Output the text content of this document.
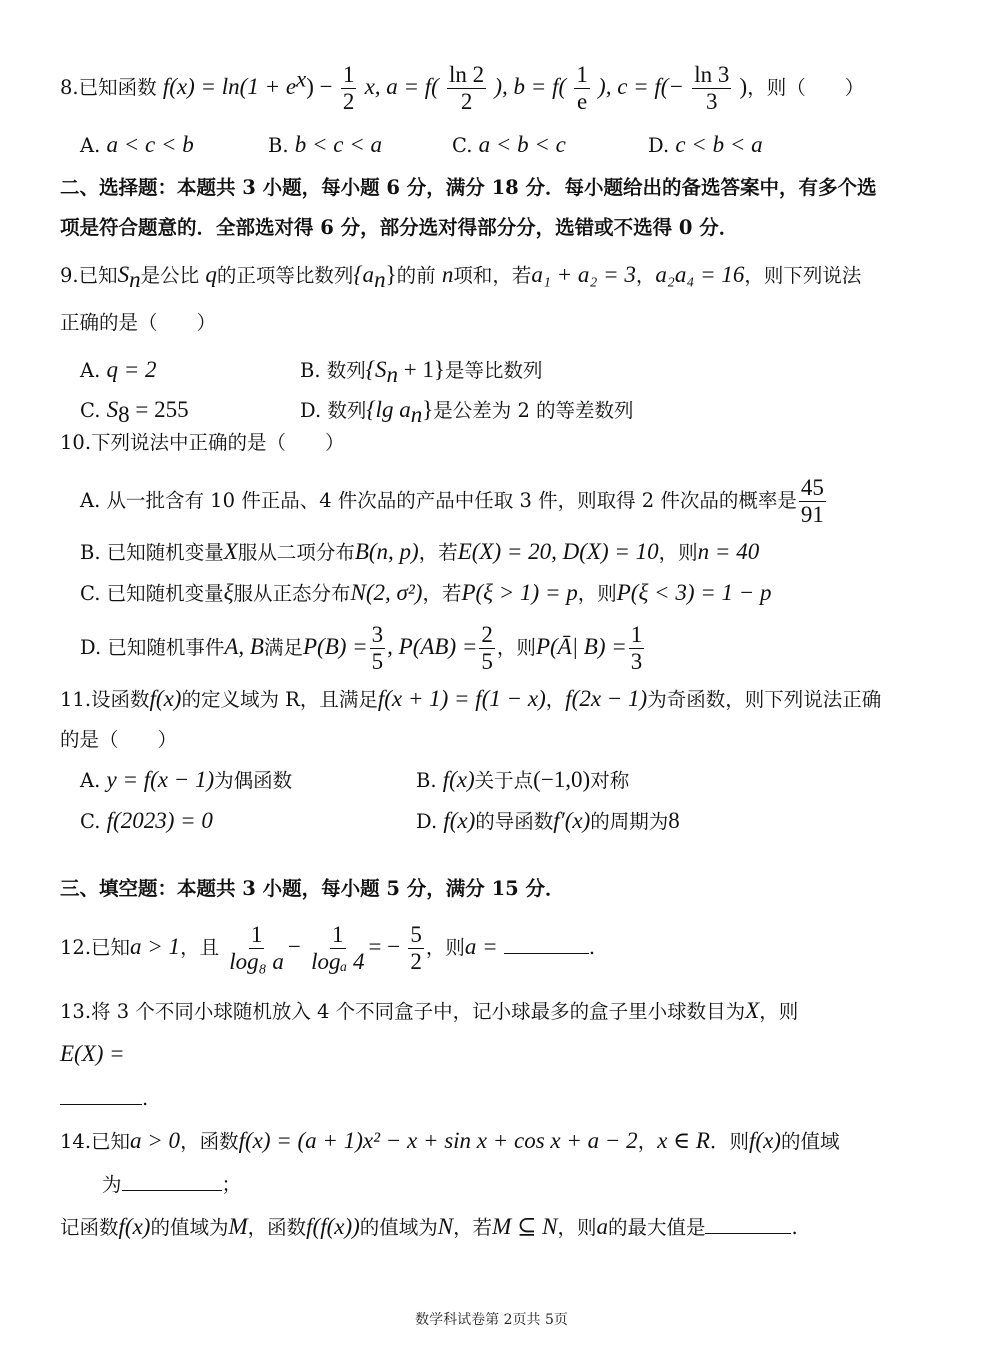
8.已知函数 $f(x) = \ln(1 + e^x) - \frac{1}{2} x$, $a = f( \frac{\ln 2}{2}$ ), $b = f( \frac{1}{e}$ ), $c = f(- \frac{\ln 3}{3}$ )，则（　　）
A. a < c < b	B. b < c < a	C. a < b < c	D. c < b < a
二、选择题：本题共 3 小题，每小题 6 分，满分 18 分．每小题给出的备选答案中，有多个选
项是符合题意的．全部选对得 6 分，部分选对得部分分，选错或不选得 0 分．
9.已知$S_n$是公比 q的正项等比数列$\{a_n\}$的前 n项和，若a₁ + a₂ = 3，a₂a₄ = 16，则下列说法
正确的是（　　）
A. q = 2	B. 数列$\{S_n + 1\}$是等比数列
C. $S_8 = 255$	D. 数列{lg $a_n$}是公差为 2 的等差数列
10.下列说法中正确的是（　　）
A. 从一批含有 10 件正品、4 件次品的产品中任取 3 件，则取得 2 件次品的概率是 $\frac{45}{91}$
B. 已知随机变量X服从二项分布B(n, p)，若E(X) = 20, D(X) = 10，则n = 40
C. 已知随机变量ξ服从正态分布N(2, σ²)，若P(ξ > 1) = p，则P(ξ < 3) = 1 − p
D. 已知随机事件A, B满足$P(B) = \frac{3}{5}$ , $P(AB) = \frac{2}{5}$ ，则P(Ā| $B) = \frac{1}{3}$
11.设函数f(x)的定义域为 R，且满足f(x + 1) = f(1 − x)，f(2x − 1)为奇函数，则下列说法正确
的是（　　）
A. y = f(x − 1)为偶函数	B. f(x)关于点(−1,0)对称
C. f(2023) = 0	D. f(x)的导函数f′(x)的周期为8
三、填空题：本题共 3 小题，每小题 5 分，满分 15 分．
12.已知a > 1，且 $\frac{1}{\text{log₈ a}} - \frac{1}{\text{logₐ 4}}$ = − $\frac{5}{2}$ ，则a =	.
13.将 3 个不同小球随机放入 4 个不同盒子中，记小球最多的盒子里小球数目为X，则
E(X) =
.
14.已知a > 0，函数f(x) = (a + 1)x² − x + sin x + cos x + a − 2，x ∈ R．则f(x)的值域
为	；
记函数f(x)的值域为M，函数f(f(x))的值域为N，若M ⊆ N，则a的最大值是	.
数学科试卷第 2页共 5页
